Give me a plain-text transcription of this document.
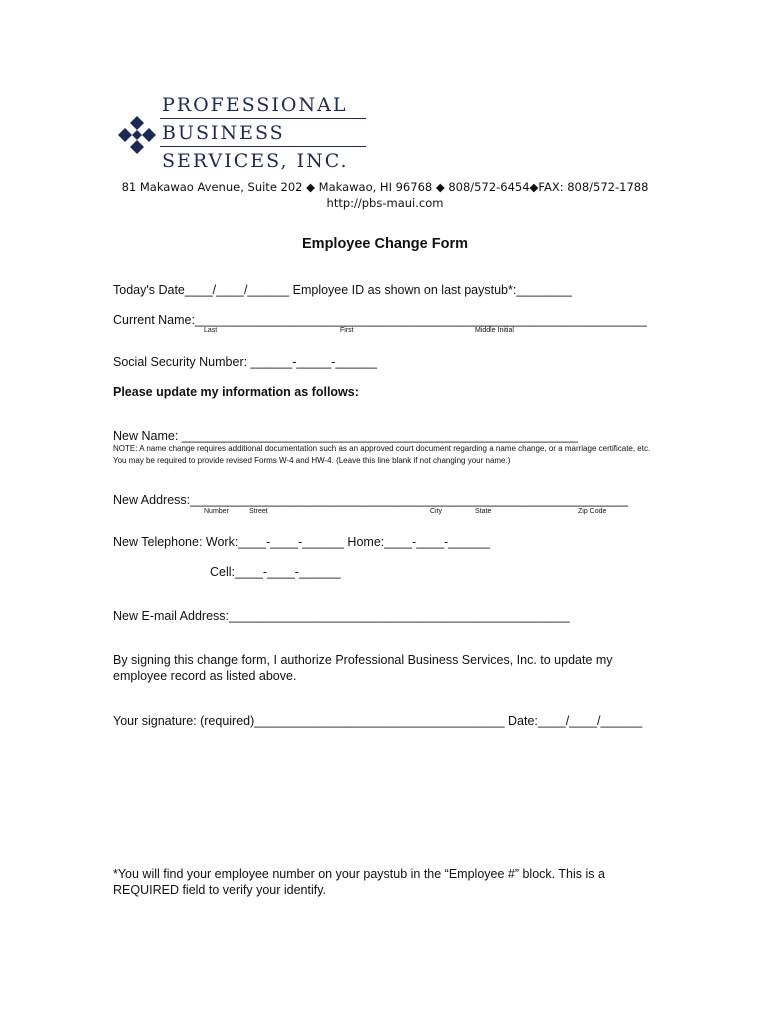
PROFESSIONAL
BUSINESS
SERVICES, INC.
81 Makawao Avenue, Suite 202 ◆ Makawao, HI 96768 ◆ 808/572-6454◆FAX: 808/572-1788
http://pbs-maui.com
Employee Change Form
Today's Date____/____/______ Employee ID as shown on last paystub*:________
Current Name:_________________________________________________________________
Last	First	Middle Initial
Social Security Number: ______-_____-______
Please update my information as follows:
New Name: _________________________________________________________
NOTE: A name change requires additional documentation such as an approved court document regarding a name change, or a marriage certificate, etc. You may be required to provide revised Forms W-4 and HW-4. (Leave this line blank if not changing your name.)
New Address:_______________________________________________________________
Number	Street	City	State	Zip Code
New Telephone: Work:____-____-______ Home:____-____-______
Cell:____-____-______
New E-mail Address:_________________________________________________
By signing this change form, I authorize Professional Business Services, Inc. to update my employee record as listed above.
Your signature: (required)____________________________________ Date:____/____/______
*You will find your employee number on your paystub in the “Employee #” block. This is a REQUIRED field to verify your identify.
